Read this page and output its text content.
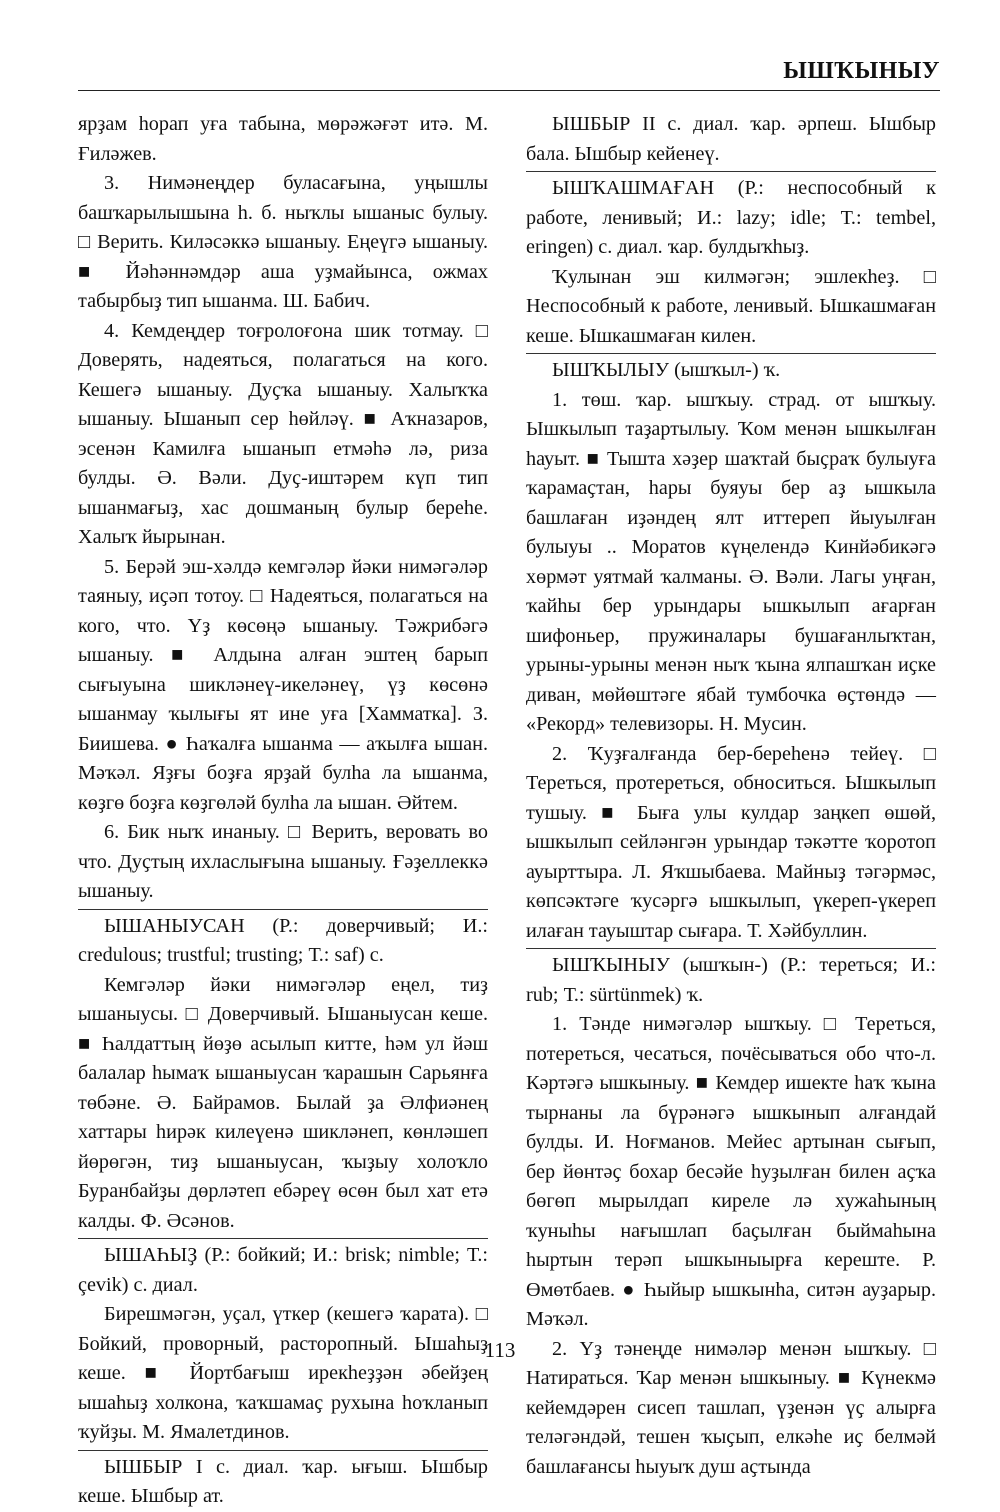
ЫШҠЫНЫУ

ярҙам һорап уға табына, мөрәжәғәт итә. М. Ғиләжев.

3. Нимәнеңдер буласағына, уңышлы башҡарылышына һ. б. ныҡлы ышаныс булыу. □ Верить. Киләсәккә ышаныу. Еңеүгә ышаныу. ■ Йәһәннәмдәр аша уҙмайынса, ожмах табырбыҙ тип ышанма. Ш. Бабич.

4. Кемдеңдер тоғролоғона шик тотмау. □ Доверять, надеяться, полагаться на кого. Кешегә ышаныу. Дуҫҡа ышаныу. Халыҡҡа ышаныу. Ышанып сер һөйләү. ■ Аҡназаров, эсенән Камилға ышанып етмәһә лә, риза булды. Ә. Вәли. Дуҫ-иштәрем күп тип ышанмағыҙ, хас дошманың булыр береһе. Халыҡ йырынан.

5. Берәй эш-хәлдә кемгәләр йәки нимәгәләр таяныу, иҫәп тотоу. □ Надеяться, полагаться на кого, что. Үҙ көсөңә ышаныу. Тәжрибәгә ышаныу. ■ Алдына алған эштең барып сығыуына шикләнеү-икеләнеү, үҙ көсөнә ышанмау ҡылығы ят ине уға [Хамматка]. З. Биишева. ● Һаҡалға ышанма — аҡылға ышан. Мәҡәл. Яҙғы боҙға ярҙай булһа ла ышанма, көҙгө боҙға көҙгөләй булһа ла ышан. Әйтем.

6. Бик ныҡ инаныу. □ Верить, веровать во что. Дуҫтың ихласлығына ышаныу. Ғәҙеллеккә ышаныу.

ЫШАНЫУСАН (Р.: доверчивый; И.: credulous; trustful; trusting; Т.: saf) с.

Кемгәләр йәки нимәгәләр еңел, тиҙ ышаныусы. □ Доверчивый. Ышаныусан кеше. ■ Һалдаттың йөҙө асылып китте, һәм ул йәш балалар һымаҡ ышаныусан ҡарашын Сарьянға төбәне. Ә. Байрамов. Былай ҙа Әлфиәнең хаттары һирәк килеүенә шикләнеп, көнләшеп йөрөгән, тиҙ ышаныусан, ҡыҙыу холоҡло Буранбайҙы дөрләтеп ебәреү өсөн был хат етә калды. Ф. Әсәнов.

ЫШАҺЫҘ (Р.: бойкий; И.: brisk; nimble; Т.: çevik) с. диал.

Бирешмәгән, уҫал, үткер (кешегә ҡарата). □ Бойкий, проворный, расторопный. Ышаһыҙ кеше. ■ Йортбағыш ирекһеҙҙән әбейҙең ышаһыҙ холкона, ҡаҡшамаҫ рухына һоҡланып ҡуйҙы. М. Ямалетдинов.

ЫШБЫР I с. диал. ҡар. ығыш. Ышбыр кеше. Ышбыр ат.

ЫШБЫР II с. диал. ҡар. әрпеш. Ышбыр бала. Ышбыр кейенеү.

ЫШҠАШМАҒАН (Р.: неспособный к работе, ленивый; И.: lazy; idle; Т.: tembel, eringen) с. диал. ҡар. булдыҡһыҙ.

Ҡулынан эш килмәгән; эшлекһеҙ. □ Неспособный к работе, ленивый. Ышкашмаған кеше. Ышкашмаған килен.

ЫШҠЫЛЫУ (ышҡыл-) ҡ.

1. төш. ҡар. ышҡыу. страд. от ышҡыу. Ышкылып таҙартылыу. Ҡом менән ышкылған һауыт. ■ Тышта хәҙер шаҡтай быҫраҡ булыуға ҡарамаҫтан, һары буяуы бер аҙ ышкыла башлаған иҙәндең ялт иттереп йыуылған булыуы .. Моратов күңелендә Кинйәбикәгә хөрмәт уятмай ҡалманы. Ә. Вәли. Лагы уңған, ҡайһы бер урындары ышкылып ағарған шифоньер, пружиналары бушағанлыҡтан, урыны-урыны менән ныҡ ҡына ялпашҡан иҫке диван, мөйөштәге ябай тумбочка өҫтөндә — «Рекорд» телевизоры. Н. Мусин.

2. Ҡуҙғалғанда бер-береһенә тейеү. □ Тереться, протереться, обноситься. Ышкылып тушыу. ■ Быға улы кулдар заңкеп өшөй, ышкылып сейләнгән урындар тәкәтте ҡоротоп ауырттыра. Л. Яҡшыбаева. Майныҙ тәгәрмәс, көпсәктәге ҡусәргә ышкылып, үкереп-үкереп илаған тауыштар сығара. Т. Хәйбуллин.

ЫШҠЫНЫУ (ышҡын-) (Р.: тереться; И.: rub; Т.: sürtünmek) ҡ.

1. Тәнде нимәгәләр ышҡыу. □ Тереться, потереться, чесаться, почёсываться обо что-л. Кәртәгә ышкыныу. ■ Кемдер ишекте һаҡ ҡына тырнаны ла бүрәнәгә ышкынып алғандай булды. И. Ноғманов. Мейес артынан сығып, бер йөнтәҫ бохар бесәйе һуҙылған билен аҫҡа бөгөп мырылдап киреле лә хужаһының ҡуныһы нағышлап баҫылған быймаһына һыртын терәп ышкыныырға кереште. Р. Өмөтбаев. ● Һыйыр ышкынһа, ситән ауҙарыр. Мәҡәл.

2. Үҙ тәнеңде нимәләр менән ышҡыу. □ Натираться. Ҡар менән ышкыныу. ■ Күнекмә кейемдәрен сисеп ташлап, үҙенән үҫ алырға теләгәндәй, тешен ҡыҫып, елкәһе иҫ белмәй башлағансы һыуыҡ душ аҫтында

113
